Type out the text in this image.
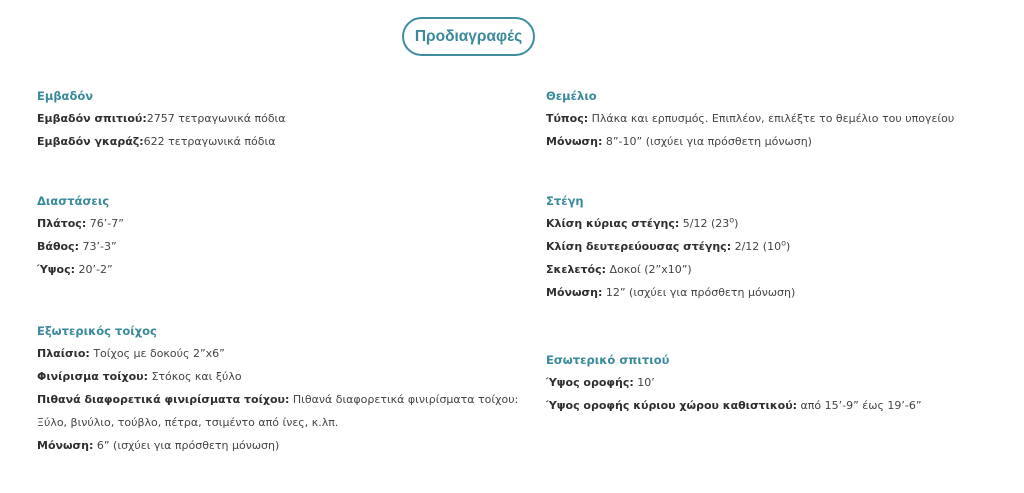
Προδιαγραφές
Εμβαδόν
Εμβαδόν σπιτιού:2757 τετραγωνικά πόδια
Εμβαδόν γκαράζ:622 τετραγωνικά πόδια
Διαστάσεις
Πλάτος: 76’-7”
Βάθος: 73’-3”
Ύψος: 20’-2”
Εξωτερικός τοίχος
Πλαίσιο: Τοίχος με δοκούς 2”x6”
Φινίρισμα τοίχου: Στόκος και ξύλο
Πιθανά διαφορετικά φινιρίσματα τοίχου: Πιθανά διαφορετικά φινιρίσματα τοίχου: Ξύλο, βινύλιο, τούβλο, πέτρα, τσιμέντο από ίνες, κ.λπ.
Μόνωση: 6” (ισχύει για πρόσθετη μόνωση)
Θεμέλιο
Τύπος: Πλάκα και ερπυσμός. Επιπλέον, επιλέξτε το θεμέλιο του υπογείου
Μόνωση: 8”-10” (ισχύει για πρόσθετη μόνωση)
Στέγη
Κλίση κύριας στέγης: 5/12 (23$^o$)
Κλίση δευτερεύουσας στέγης: 2/12 (10$^o$)
Σκελετός: Δοκοί (2”x10”)
Μόνωση: 12” (ισχύει για πρόσθετη μόνωση)
Εσωτερικό σπιτιού
Ύψος οροφής: 10’
Ύψος οροφής κύριου χώρου καθιστικού: από 15’-9” έως 19’-6”
